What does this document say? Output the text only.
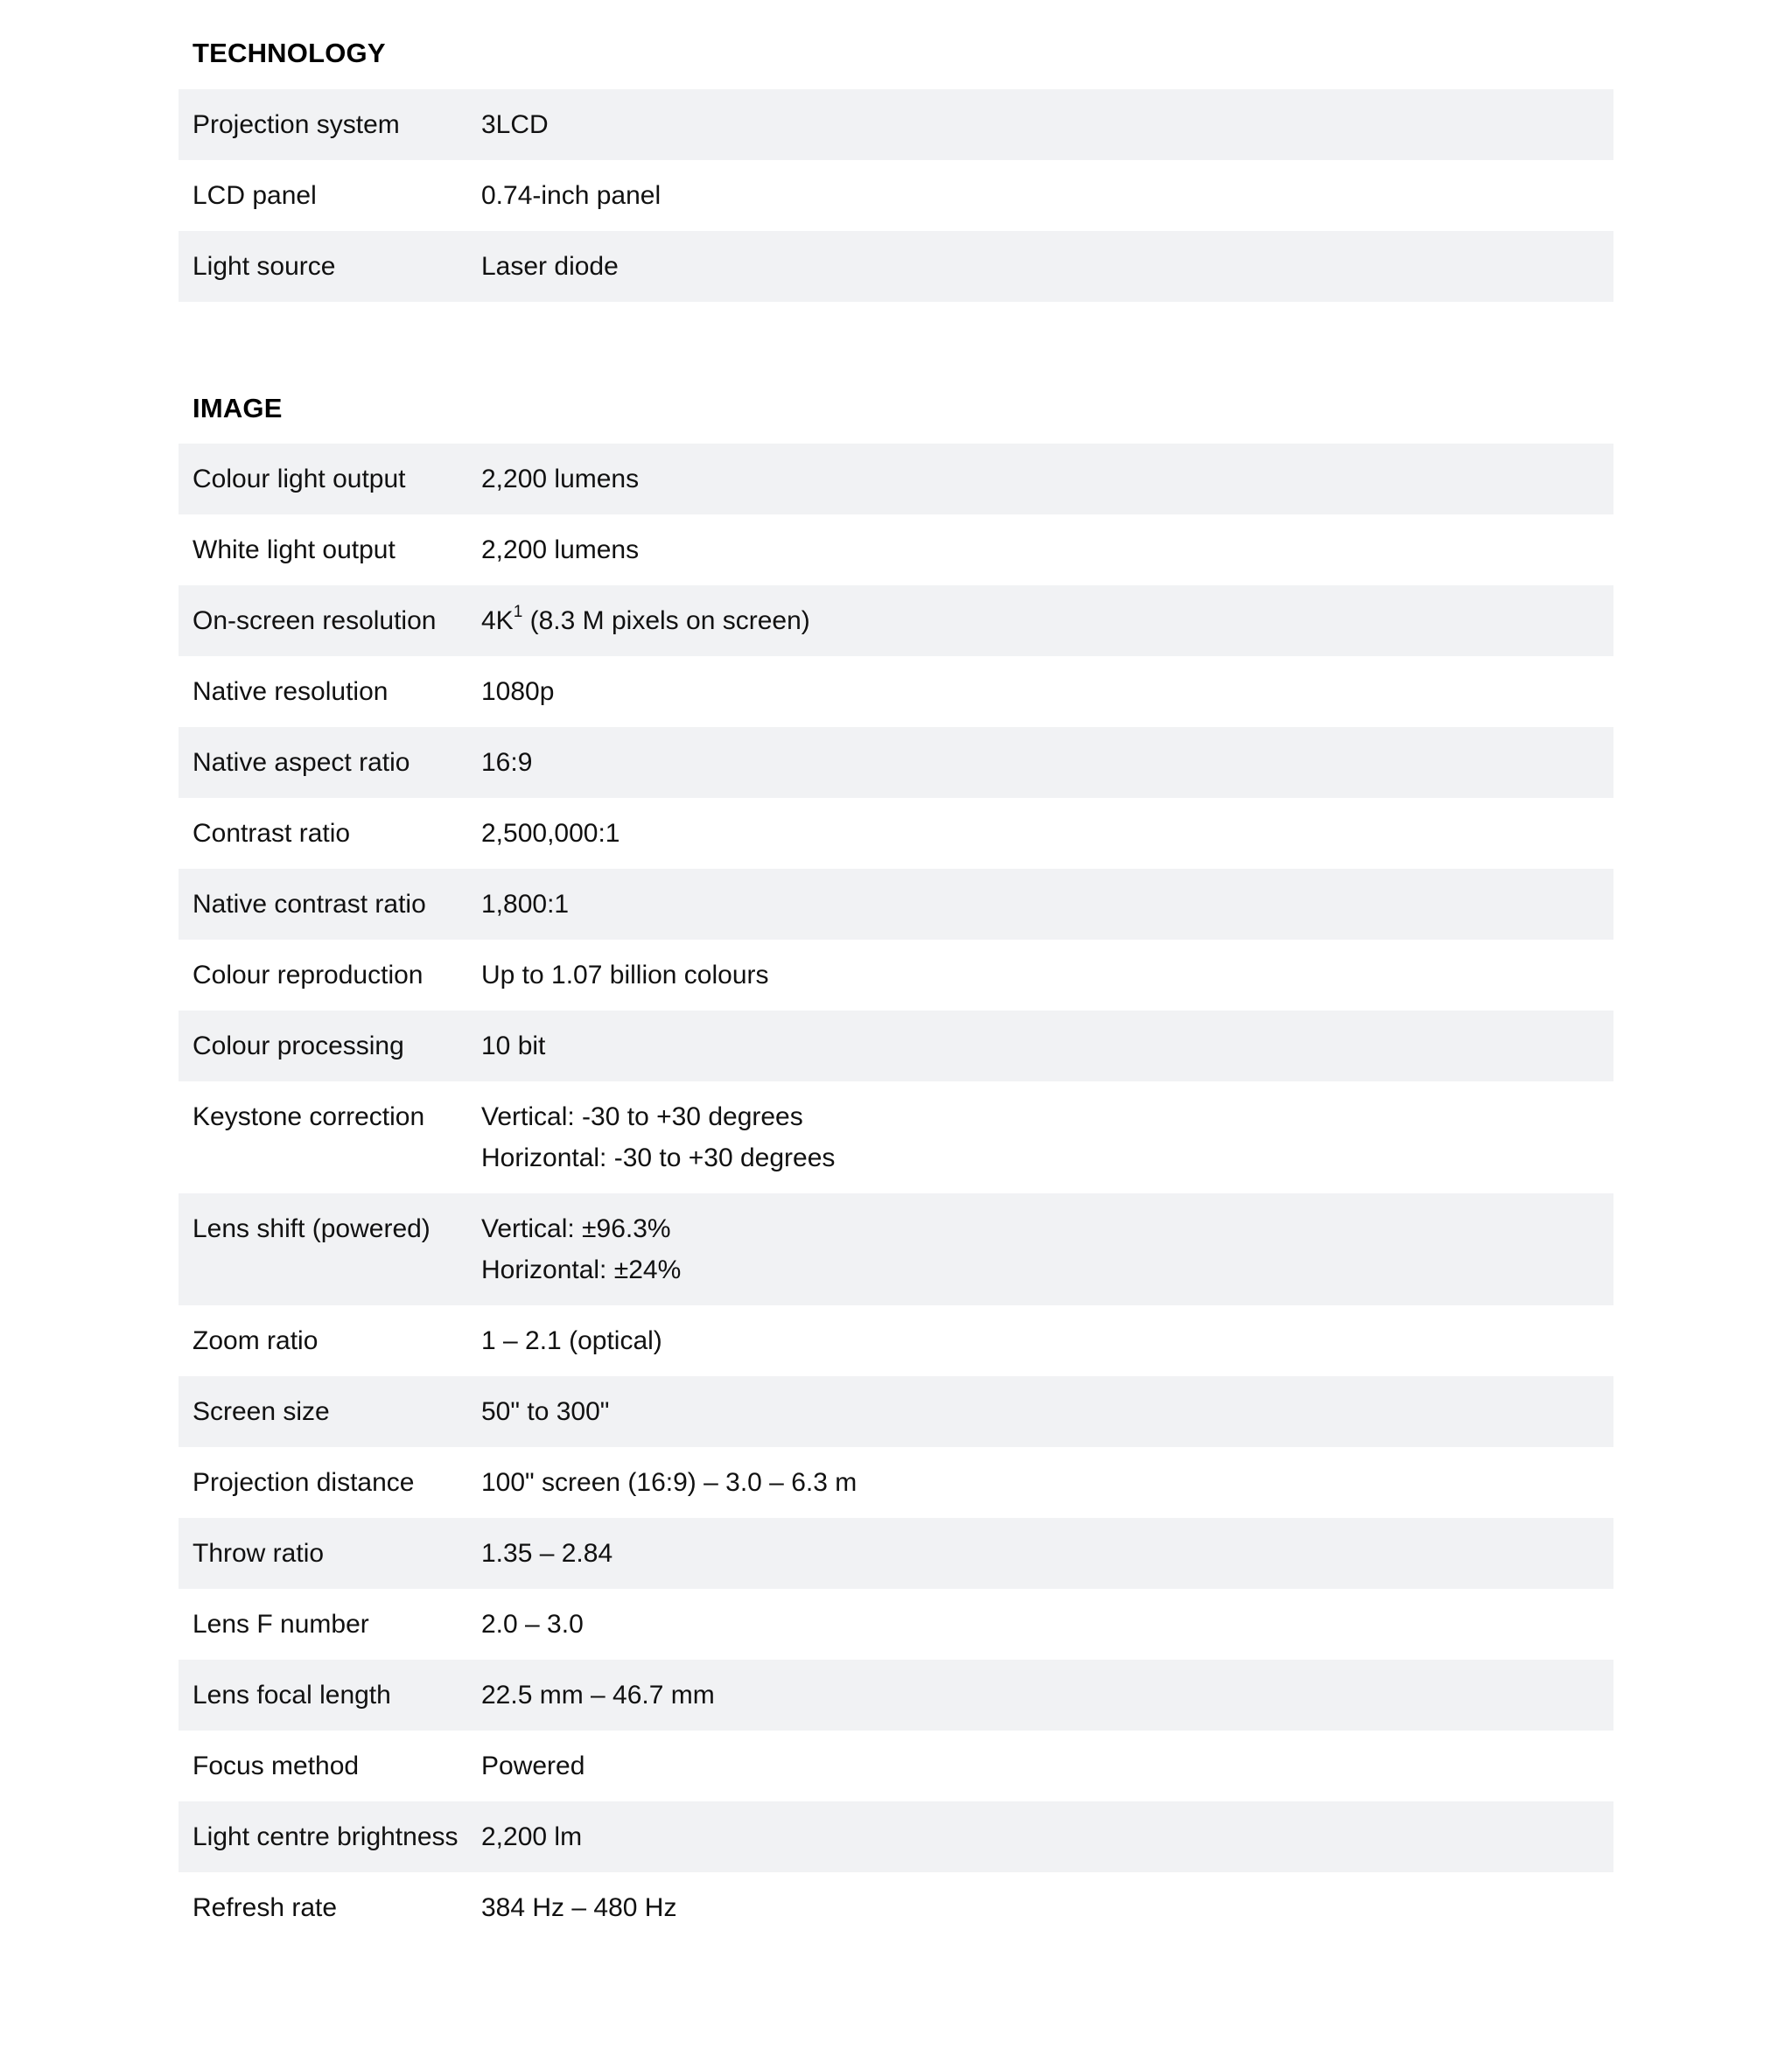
TECHNOLOGY
Projection system	3LCD
LCD panel	0.74-inch panel
Light source	Laser diode
IMAGE
Colour light output	2,200 lumens
White light output	2,200 lumens
On-screen resolution	$4K^1$ (8.3 M pixels on screen)
Native resolution	1080p
Native aspect ratio	16:9
Contrast ratio	2,500,000:1
Native contrast ratio	1,800:1
Colour reproduction	Up to 1.07 billion colours
Colour processing	10 bit
Keystone correction	Vertical: -30 to +30 degrees
Horizontal: -30 to +30 degrees
Lens shift (powered)	Vertical: ±96.3%
Horizontal: ±24%
Zoom ratio	1 – 2.1 (optical)
Screen size	50" to 300"
Projection distance	100" screen (16:9) – 3.0 – 6.3 m
Throw ratio	1.35 – 2.84
Lens F number	2.0 – 3.0
Lens focal length	22.5 mm – 46.7 mm
Focus method	Powered
Light centre brightness 2,200 lm
Refresh rate	384 Hz – 480 Hz
